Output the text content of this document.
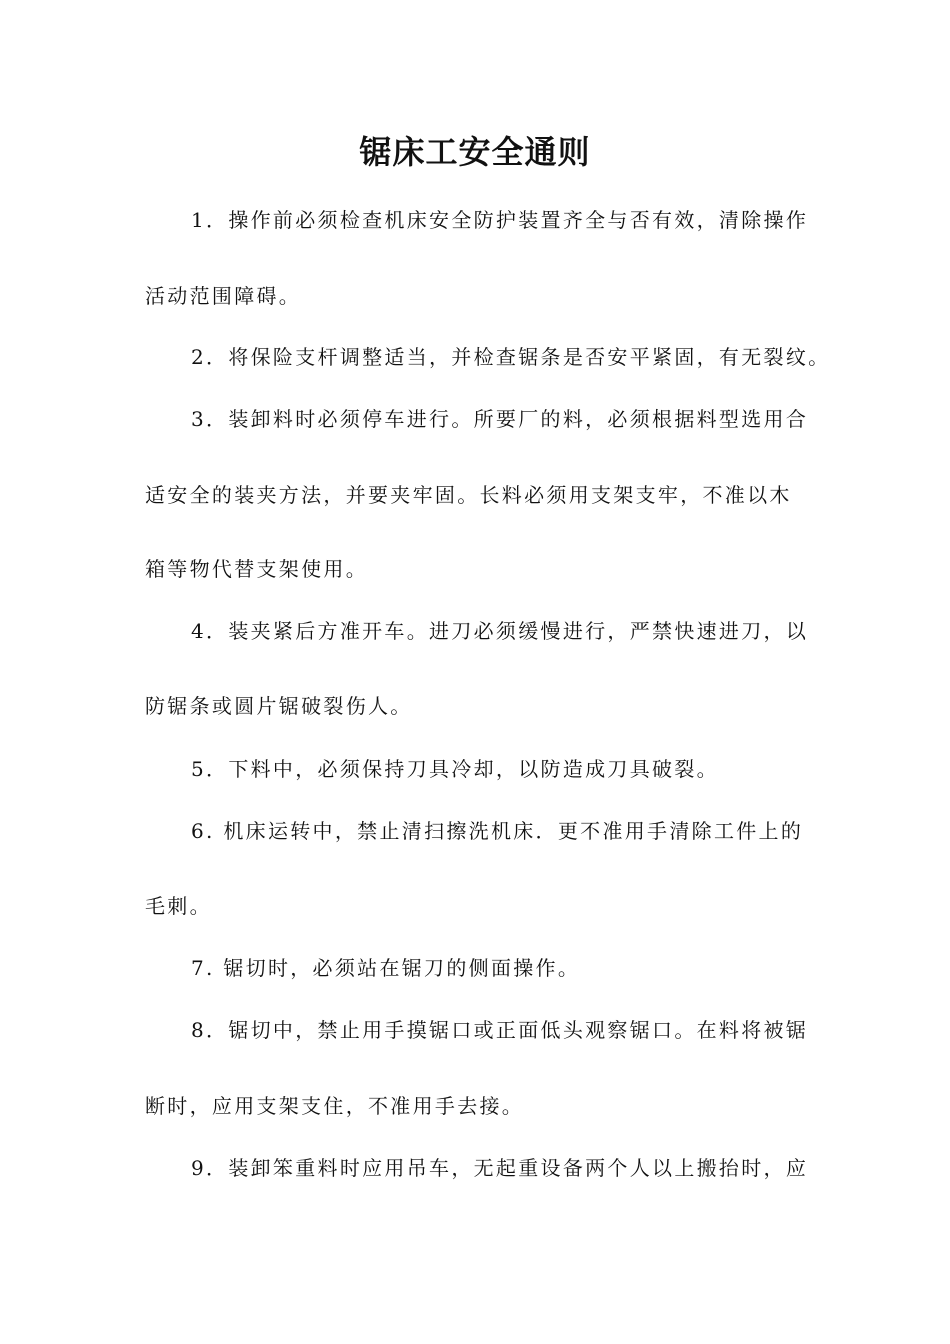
锯床工安全通则
1．操作前必须检查机床安全防护装置齐全与否有效，清除操作
活动范围障碍。
2．将保险支杆调整适当，并检查锯条是否安平紧固，有无裂纹。
3．装卸料时必须停车进行。所要厂的料，必须根据料型选用合
适安全的装夹方法，并要夹牢固。长料必须用支架支牢，不准以木
箱等物代替支架使用。
4．装夹紧后方准开车。进刀必须缓慢进行，严禁快速进刀，以
防锯条或圆片锯破裂伤人。
5．下料中，必须保持刀具冷却，以防造成刀具破裂。
6. 机床运转中，禁止清扫擦洗机床．更不准用手清除工件上的
毛刺。
7. 锯切时，必须站在锯刀的侧面操作。
8．锯切中，禁止用手摸锯口或正面低头观察锯口。在料将被锯
断时，应用支架支住，不准用手去接。
9．装卸笨重料时应用吊车，无起重设备两个人以上搬抬时，应
